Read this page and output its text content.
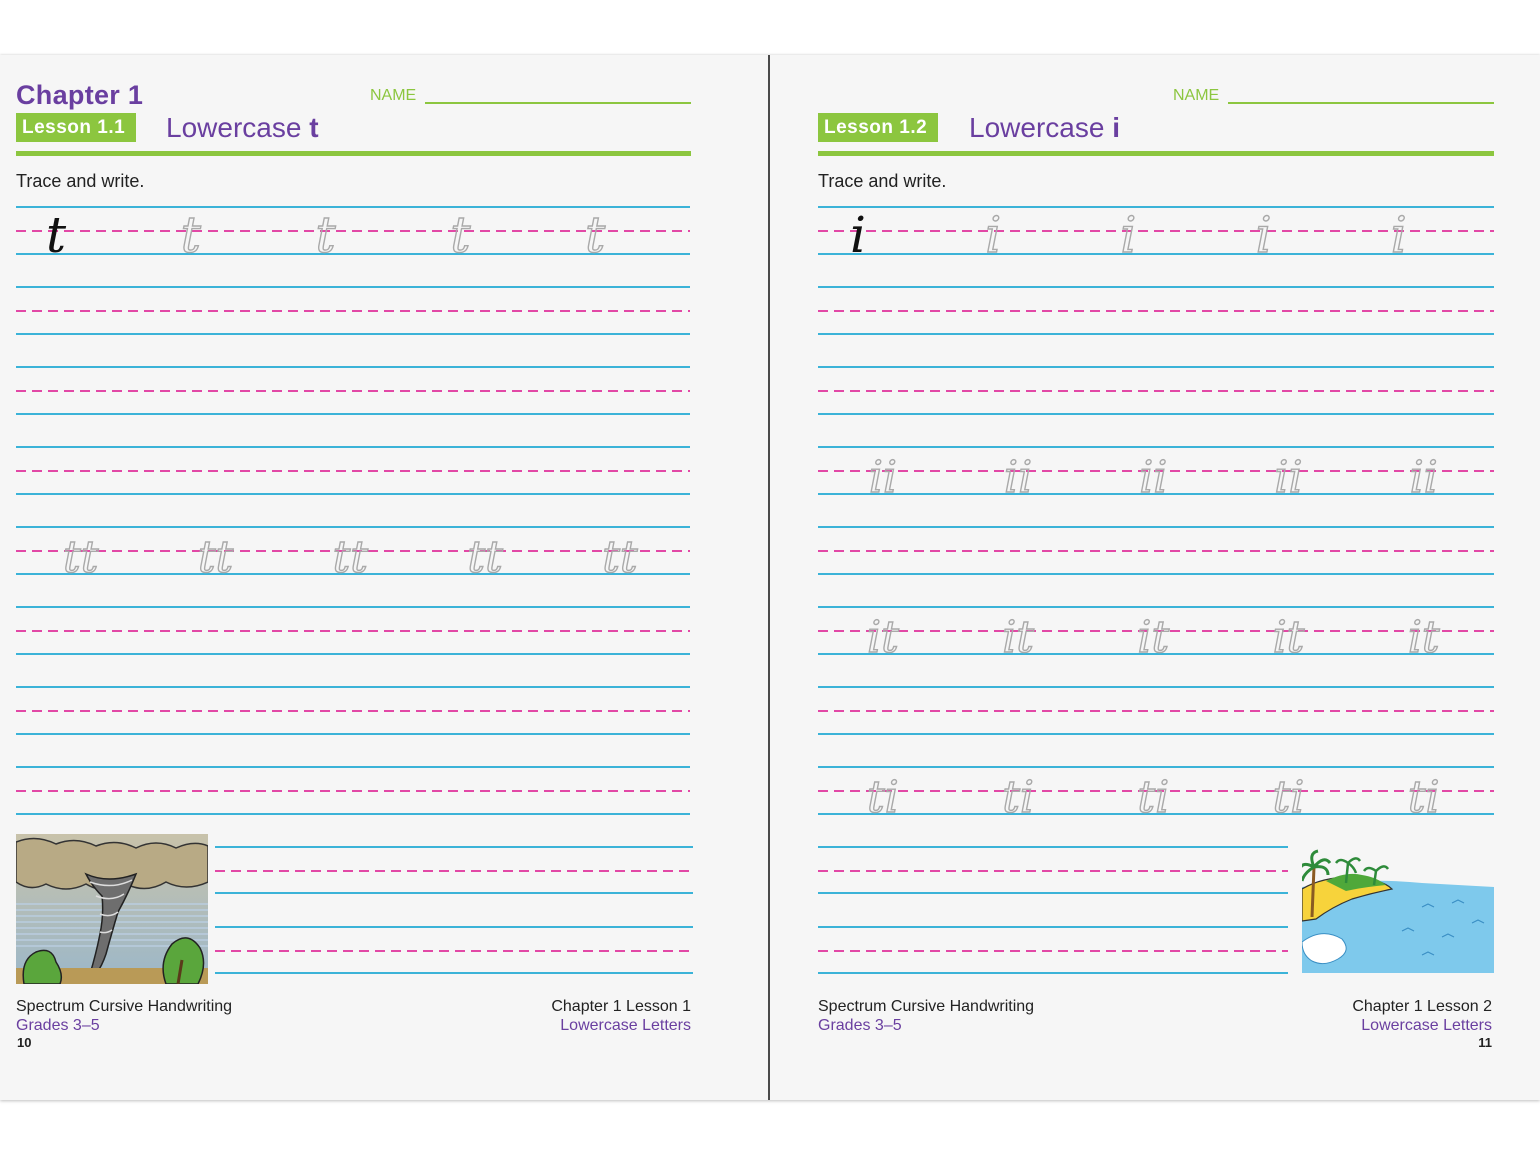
Chapter 1	NAME
Lesson 1.1	Lowercase t
Trace and write.
t t t t t
tt tt tt tt tt
Spectrum Cursive Handwriting
Grades 3–5
10
Chapter 1 Lesson 1
Lowercase Letters
NAME
Lesson 1.2	Lowercase i
Trace and write.
i i i i i
ii ii ii ii ii
it it it it it
ti ti ti ti ti
Spectrum Cursive Handwriting
Grades 3–5
Chapter 1 Lesson 2
Lowercase Letters
11
